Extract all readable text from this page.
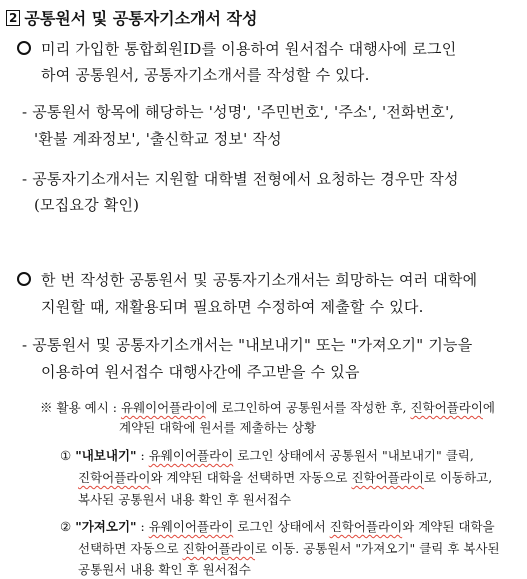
2 공통원서 및 공통자기소개서 작성
미리 가입한 통합회원ID를 이용하여 원서접수 대행사에 로그인
하여 공통원서, 공통자기소개서를 작성할 수 있다.
- 공통원서 항목에 해당하는 '성명', '주민번호', '주소', '전화번호',
'환불 계좌정보', '출신학교 정보' 작성
- 공통자기소개서는 지원할 대학별 전형에서 요청하는 경우만 작성
(모집요강 확인)
한 번 작성한 공통원서 및 공통자기소개서는 희망하는 여러 대학에
지원할 때, 재활용되며 필요하면 수정하여 제출할 수 있다.
- 공통원서 및 공통자기소개서는 "내보내기" 또는 "가져오기" 기능을
이용하여 원서접수 대행사간에 주고받을 수 있음
※ 활용 예시 : 유웨이어플라이에 로그인하여 공통원서를 작성한 후, 진학어플라이에
계약된 대학에 원서를 제출하는 상황
① "내보내기" : 유웨이어플라이 로그인 상태에서 공통원서 "내보내기" 클릭,
진학어플라이와 계약된 대학을 선택하면 자동으로 진학어플라이로 이동하고,
복사된 공통원서 내용 확인 후 원서접수
② "가져오기" : 유웨이어플라이 로그인 상태에서 진학어플라이와 계약된 대학을
선택하면 자동으로 진학어플라이로 이동. 공통원서 "가져오기" 클릭 후 복사된
공통원서 내용 확인 후 원서접수
